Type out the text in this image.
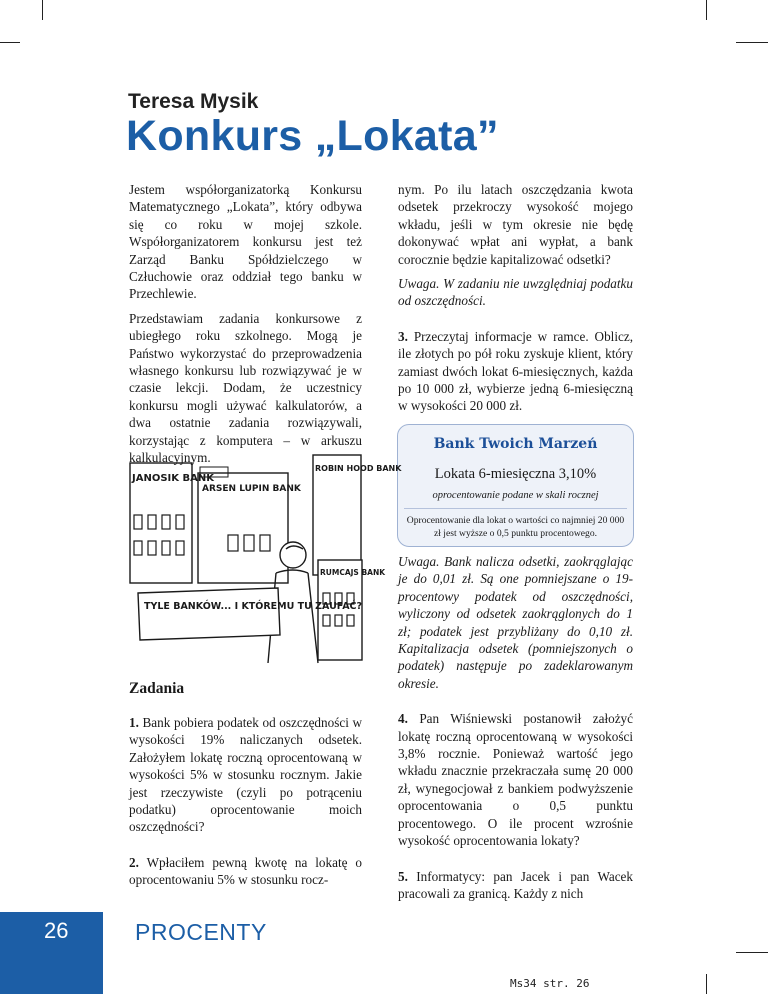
Teresa Mysik
Konkurs „Lokata”

Jestem współorganizatorką Konkursu Matematycznego „Lokata”, który odbywa się co roku w mojej szkole. Współorganizatorem konkursu jest też Zarząd Banku Spółdzielczego w Człuchowie oraz oddział tego banku w Przechlewie.

Przedstawiam zadania konkursowe z ubiegłego roku szkolnego. Mogą je Państwo wykorzystać do przeprowadzenia własnego konkursu lub rozwiązywać je w czasie lekcji. Dodam, że uczestnicy konkursu mogli używać kalkulatorów, a dwa ostatnie zadania rozwiązywali, korzystając z komputera – w arkuszu kalkulacyjnym.

nym. Po ilu latach oszczędzania kwota odsetek przekroczy wysokość mojego wkładu, jeśli w tym okresie nie będę dokonywać wpłat ani wypłat, a bank corocznie będzie kapitalizować odsetki?

Uwaga. W zadaniu nie uwzględniaj podatku od oszczędności.

3. Przeczytaj informacje w ramce. Oblicz, ile złotych po pół roku zyskuje klient, który zamiast dwóch lokat 6-miesięcznych, każda po 10 000 zł, wybierze jedną 6-miesięczną w wysokości 20 000 zł.

Bank Twoich Marzeń
Lokata 6-miesięczna 3,10%
oprocentowanie podane w skali rocznej
Oprocentowanie dla lokat o wartości co najmniej 20 000 zł jest wyższe o 0,5 punktu procentowego.
JANOSIK BANK
ARSEN LUPIN BANK
ROBIN HOOD BANK
RUMCAJS BANK
TYLE BANKÓW... I KTÓREMU TU ZAUFAĆ?
Zadania

1. Bank pobiera podatek od oszczędności w wysokości 19% naliczanych odsetek. Założyłem lokatę roczną oprocentowaną w wysokości 5% w stosunku rocznym. Jakie jest rzeczywiste (czyli po potrąceniu podatku) oprocentowanie moich oszczędności?

2. Wpłaciłem pewną kwotę na lokatę o oprocentowaniu 5% w stosunku rocz-

Uwaga. Bank nalicza odsetki, zaokrąglając je do 0,01 zł. Są one pomniejszane o 19-procentowy podatek od oszczędności, wyliczony od odsetek zaokrąglonych do 1 zł; podatek jest przybliżany do 0,10 zł. Kapitalizacja odsetek (pomniejszonych o podatek) następuje po zadeklarowanym okresie.

4. Pan Wiśniewski postanowił założyć lokatę roczną oprocentowaną w wysokości 3,8% rocznie. Ponieważ wartość jego wkładu znacznie przekraczała sumę 20 000 zł, wynegocjował z bankiem podwyższenie oprocentowania o 0,5 punktu procentowego. O ile procent wzrośnie wysokość oprocentowania lokaty?

5. Informatycy: pan Jacek i pan Wacek pracowali za granicą. Każdy z nich

26	PROCENTY
Ms34 str. 26
